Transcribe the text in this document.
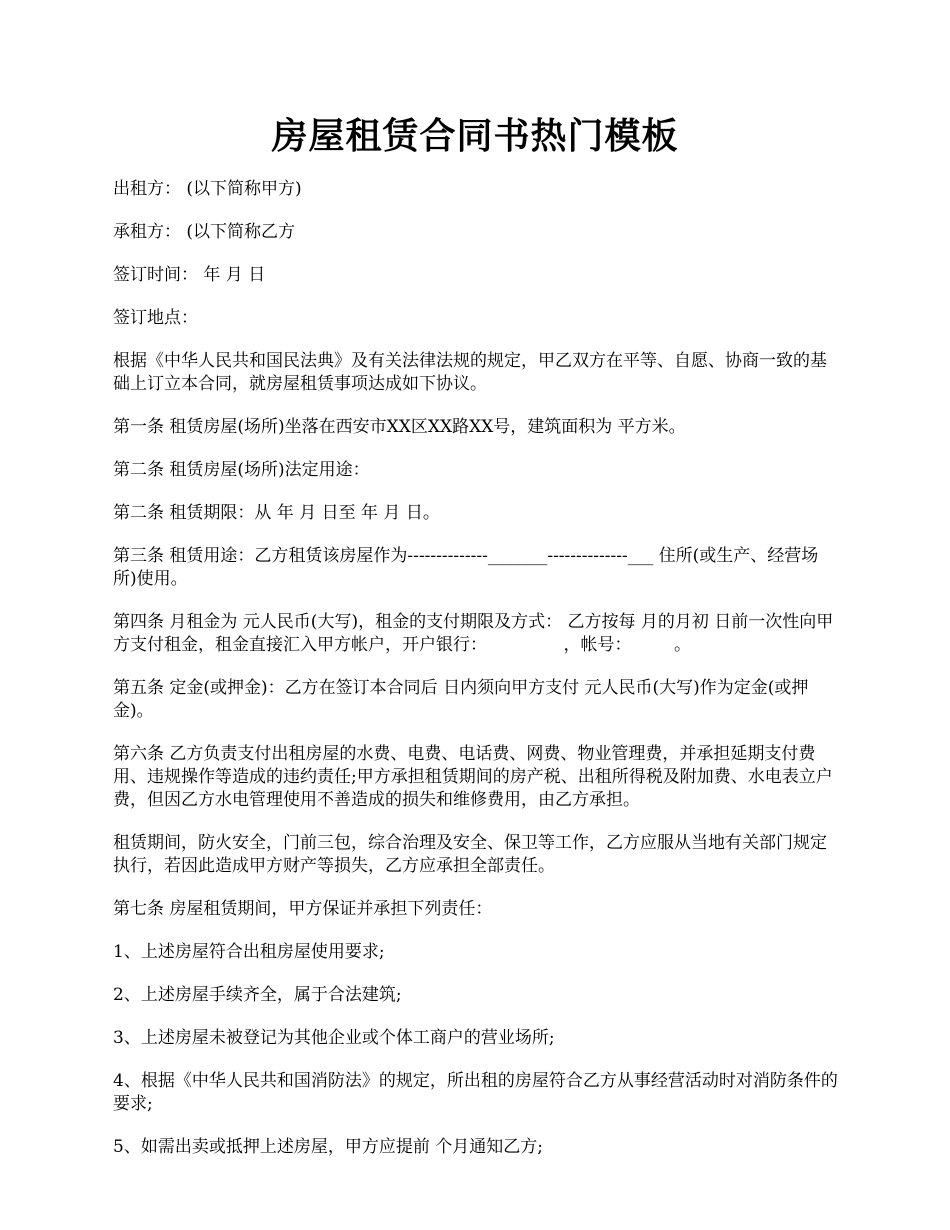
房屋租赁合同书热门模板

出租方： (以下简称甲方)

承租方： (以下简称乙方

签订时间： 年 月 日

签订地点：

根据《中华人民共和国民法典》及有关法律法规的规定，甲乙双方在平等、自愿、协商一致的基础上订立本合同，就房屋租赁事项达成如下协议。

第一条 租赁房屋(场所)坐落在西安市XX区XX路XX号，建筑面积为 平方米。

第二条 租赁房屋(场所)法定用途：

第二条 租赁期限：从 年 月 日至 年 月 日。

第三条 租赁用途：乙方租赁该房屋作为--------------_______--------------___ 住所(或生产、经营场所)使用。

第四条 月租金为 元人民币(大写)，租金的支付期限及方式： 乙方按每 月的月初 日前一次性向甲方支付租金，租金直接汇入甲方帐户，开户银行：　　　　　，帐号：　　　。

第五条 定金(或押金)：乙方在签订本合同后 日内须向甲方支付 元人民币(大写)作为定金(或押金)。

第六条 乙方负责支付出租房屋的水费、电费、电话费、网费、物业管理费，并承担延期支付费用、违规操作等造成的违约责任;甲方承担租赁期间的房产税、出租所得税及附加费、水电表立户费，但因乙方水电管理使用不善造成的损失和维修费用，由乙方承担。

租赁期间，防火安全，门前三包，综合治理及安全、保卫等工作，乙方应服从当地有关部门规定执行，若因此造成甲方财产等损失，乙方应承担全部责任。

第七条 房屋租赁期间，甲方保证并承担下列责任：

1、上述房屋符合出租房屋使用要求;

2、上述房屋手续齐全，属于合法建筑;

3、上述房屋未被登记为其他企业或个体工商户的营业场所;

4、根据《中华人民共和国消防法》的规定，所出租的房屋符合乙方从事经营活动时对消防条件的要求;

5、如需出卖或抵押上述房屋，甲方应提前 个月通知乙方;
